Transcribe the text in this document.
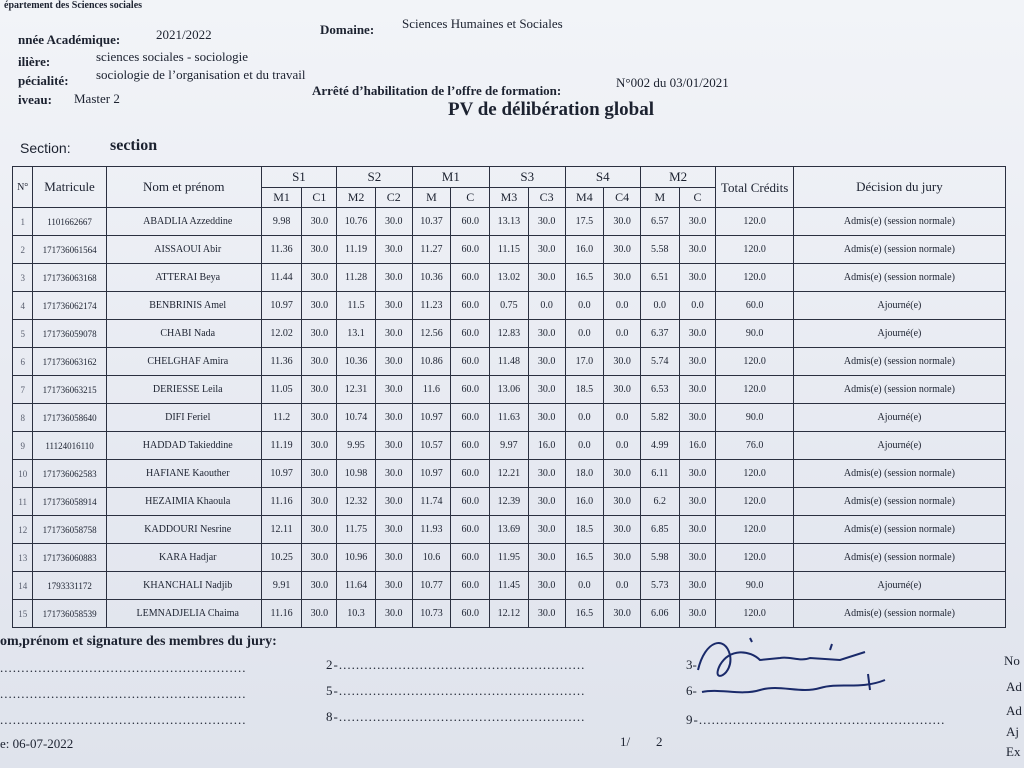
épartement des Sciences sociales
nnée Académique:	2021/2022	Domaine: Sciences Humaines et Sociales
ilière:	sciences sociales - sociologie
pécialité: sociologie de l’organisation et du travail
iveau: Master 2
Arrêté d’habilitation de l’offre de formation:
N°002 du 03/01/2021
PV de délibération global
Section: section
N°	Matricule	Nom et prénom	S1		S2		M1		S3		S4		M2		Total Crédits	Décision du jury
			M1	C1	M2	C2	M	C	M3	C3	M4	C4	M	C		
1	1101662667	ABADLIA Azzeddine	9.98	30.0	10.76	30.0	10.37	60.0	13.13	30.0	17.5	30.0	6.57	30.0	120.0	Admis(e) (session normale)
2	171736061564	AISSAOUI Abir	11.36	30.0	11.19	30.0	11.27	60.0	11.15	30.0	16.0	30.0	5.58	30.0	120.0	Admis(e) (session normale)
3	171736063168	ATTERAI Beya	11.44	30.0	11.28	30.0	10.36	60.0	13.02	30.0	16.5	30.0	6.51	30.0	120.0	Admis(e) (session normale)
4	171736062174	BENBRINIS Amel	10.97	30.0	11.5	30.0	11.23	60.0	0.75	0.0	0.0	0.0	0.0	0.0	60.0	Ajourné(e)
5	171736059078	CHABI Nada	12.02	30.0	13.1	30.0	12.56	60.0	12.83	30.0	0.0	0.0	6.37	30.0	90.0	Ajourné(e)
6	171736063162	CHELGHAF Amira	11.36	30.0	10.36	30.0	10.86	60.0	11.48	30.0	17.0	30.0	5.74	30.0	120.0	Admis(e) (session normale)
7	171736063215	DERIESSE Leila	11.05	30.0	12.31	30.0	11.6	60.0	13.06	30.0	18.5	30.0	6.53	30.0	120.0	Admis(e) (session normale)
8	171736058640	DIFI Feriel	11.2	30.0	10.74	30.0	10.97	60.0	11.63	30.0	0.0	0.0	5.82	30.0	90.0	Ajourné(e)
9	11124016110	HADDAD Takieddine	11.19	30.0	9.95	30.0	10.57	60.0	9.97	16.0	0.0	0.0	4.99	16.0	76.0	Ajourné(e)
10	171736062583	HAFIANE Kaouther	10.97	30.0	10.98	30.0	10.97	60.0	12.21	30.0	18.0	30.0	6.11	30.0	120.0	Admis(e) (session normale)
11	171736058914	HEZAIMIA Khaoula	11.16	30.0	12.32	30.0	11.74	60.0	12.39	30.0	16.0	30.0	6.2	30.0	120.0	Admis(e) (session normale)
12	171736058758	KADDOURI Nesrine	12.11	30.0	11.75	30.0	11.93	60.0	13.69	30.0	18.5	30.0	6.85	30.0	120.0	Admis(e) (session normale)
13	171736060883	KARA Hadjar	10.25	30.0	10.96	30.0	10.6	60.0	11.95	30.0	16.5	30.0	5.98	30.0	120.0	Admis(e) (session normale)
14	1793331172	KHANCHALI Nadjib	9.91	30.0	11.64	30.0	10.77	60.0	11.45	30.0	0.0	0.0	5.73	30.0	90.0	Ajourné(e)
15	171736058539	LEMNADJELIA Chaima	11.16	30.0	10.3	30.0	10.73	60.0	12.12	30.0	16.5	30.0	6.06	30.0	120.0	Admis(e) (session normale)
om,prénom et signature des membres du jury:
..........................................................	2-..........................................................	3-
..........................................................	5-..........................................................	6-
..........................................................	8-..........................................................	9-..........................................................
e: 06-07-2022	1/ 2
No
Ad
Ad
Aj
Ex
